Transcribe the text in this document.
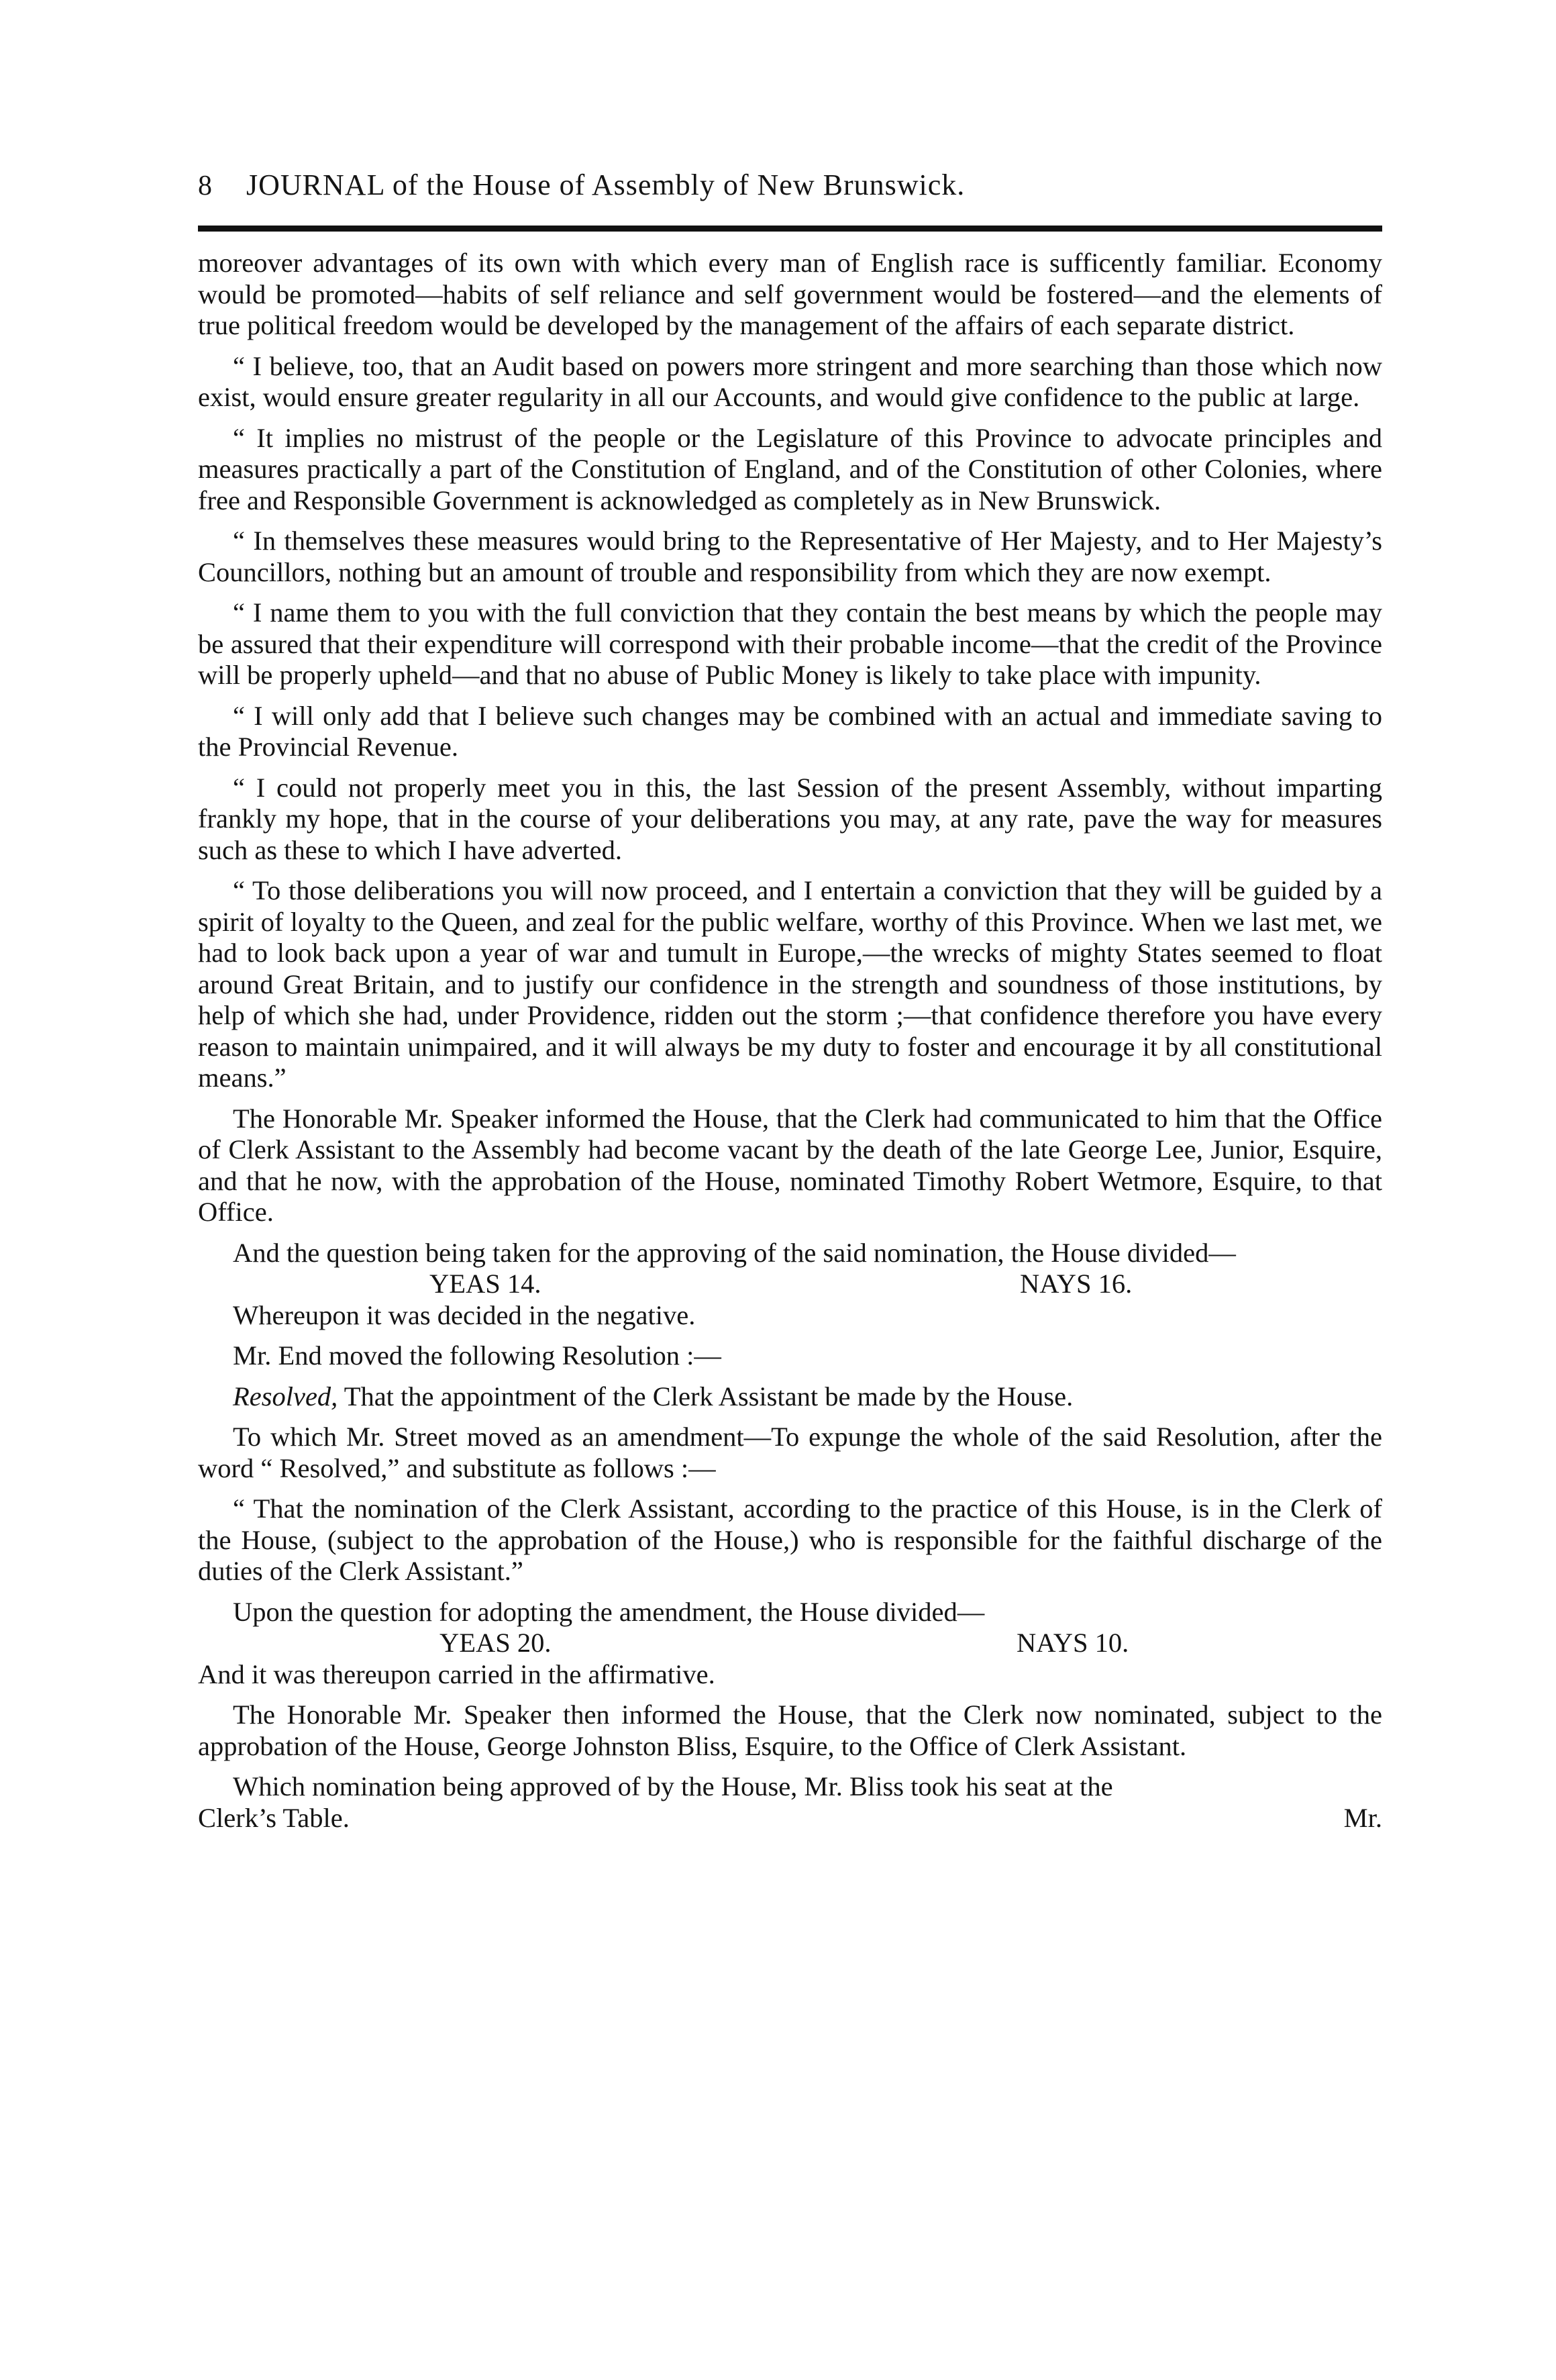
8	JOURNAL of the House of Assembly of New Brunswick.

moreover advantages of its own with which every man of English race is sufficently familiar. Economy would be promoted—habits of self reliance and self government would be fostered—and the elements of true political freedom would be developed by the management of the affairs of each separate district.

“ I believe, too, that an Audit based on powers more stringent and more searching than those which now exist, would ensure greater regularity in all our Accounts, and would give confidence to the public at large.

“ It implies no mistrust of the people or the Legislature of this Province to advocate principles and measures practically a part of the Constitution of England, and of the Constitution of other Colonies, where free and Responsible Government is acknowledged as completely as in New Brunswick.

“ In themselves these measures would bring to the Representative of Her Majesty, and to Her Majesty’s Councillors, nothing but an amount of trouble and responsibility from which they are now exempt.

“ I name them to you with the full conviction that they contain the best means by which the people may be assured that their expenditure will correspond with their probable income—that the credit of the Province will be properly upheld—and that no abuse of Public Money is likely to take place with impunity.

“ I will only add that I believe such changes may be combined with an actual and immediate saving to the Provincial Revenue.

“ I could not properly meet you in this, the last Session of the present Assembly, without imparting frankly my hope, that in the course of your deliberations you may, at any rate, pave the way for measures such as these to which I have adverted.

“ To those deliberations you will now proceed, and I entertain a conviction that they will be guided by a spirit of loyalty to the Queen, and zeal for the public welfare, worthy of this Province. When we last met, we had to look back upon a year of war and tumult in Europe,—the wrecks of mighty States seemed to float around Great Britain, and to justify our confidence in the strength and soundness of those institutions, by help of which she had, under Providence, ridden out the storm ;—that confidence therefore you have every reason to maintain unimpaired, and it will always be my duty to foster and encourage it by all constitutional means.”

The Honorable Mr. Speaker informed the House, that the Clerk had communicated to him that the Office of Clerk Assistant to the Assembly had become vacant by the death of the late George Lee, Junior, Esquire, and that he now, with the approbation of the House, nominated Timothy Robert Wetmore, Esquire, to that Office.

And the question being taken for the approving of the said nomination, the House divided—

YEAS 14.	NAYS 16.

Whereupon it was decided in the negative.

Mr. End moved the following Resolution :—

Resolved, That the appointment of the Clerk Assistant be made by the House.

To which Mr. Street moved as an amendment—To expunge the whole of the said Resolution, after the word “ Resolved,” and substitute as follows :—

“ That the nomination of the Clerk Assistant, according to the practice of this House, is in the Clerk of the House, (subject to the approbation of the House,) who is responsible for the faithful discharge of the duties of the Clerk Assistant.”

Upon the question for adopting the amendment, the House divided—

YEAS 20.	NAYS 10.

And it was thereupon carried in the affirmative.

The Honorable Mr. Speaker then informed the House, that the Clerk now nominated, subject to the approbation of the House, George Johnston Bliss, Esquire, to the Office of Clerk Assistant.

Which nomination being approved of by the House, Mr. Bliss took his seat at the

Clerk’s Table.	Mr.
